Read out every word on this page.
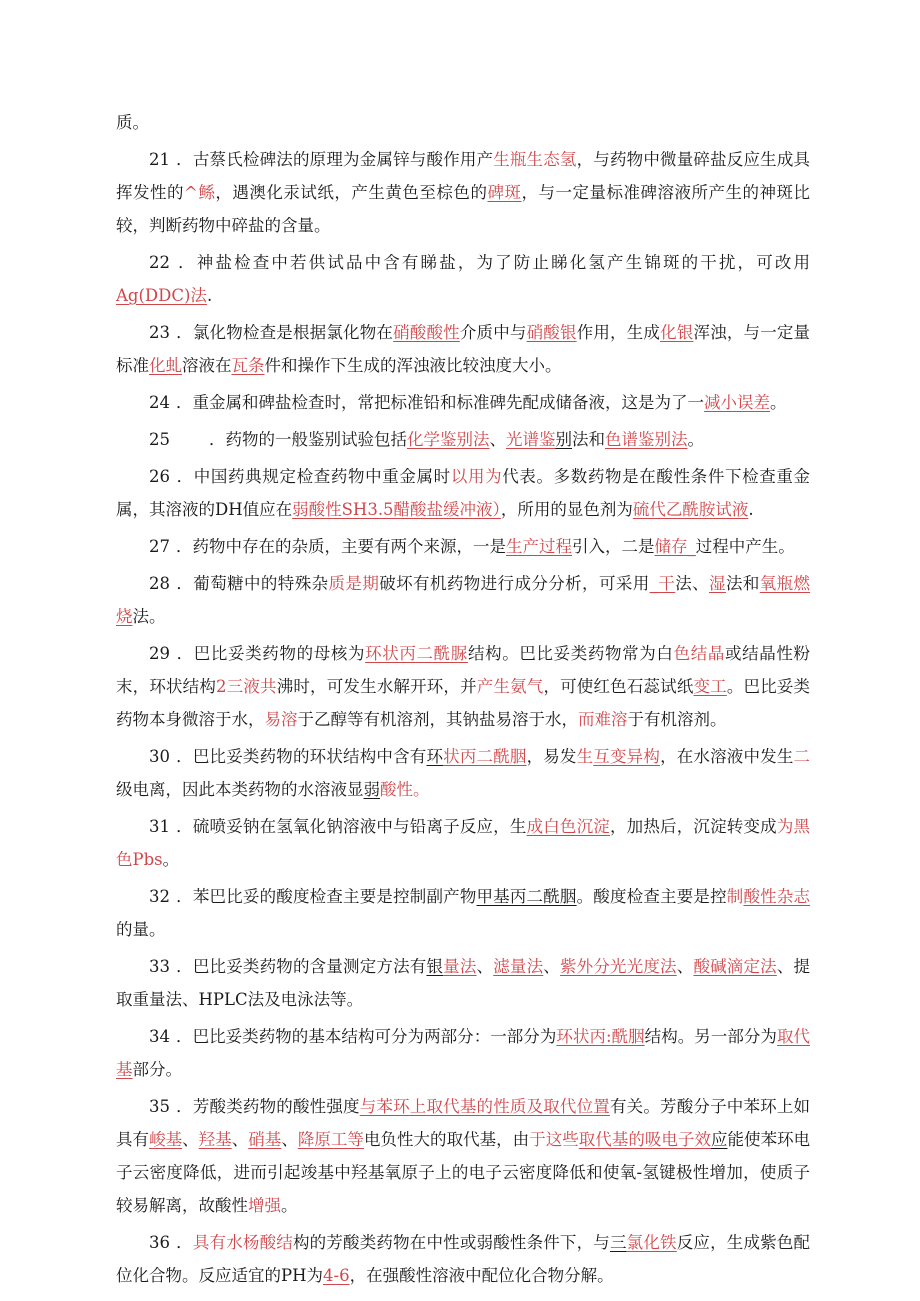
质。

21 ．古蔡氏检碑法的原理为金属锌与酸作用产生瓶生态氢，与药物中微量碎盐反应生成具挥发性的^鲧，遇澳化汞试纸，产生黄色至棕色的碑斑，与一定量标准碑溶液所产生的神斑比较，判断药物中碎盐的含量。

22 ．神盐检查中若供试品中含有睇盐，为了防止睇化氢产生锦斑的干扰，可改用Ag(DDC)法.

23 ．氯化物检查是根据氯化物在硝酸酸性介质中与硝酸银作用，生成化银浑浊，与一定量标准化虬溶液在瓦条件和操作下生成的浑浊液比较浊度大小。

24 ．重金属和碑盐检查时，常把标准铅和标准碑先配成储备液，这是为了一减小误差。

25　　．药物的一般鉴别试验包括化学鉴别法、光谱鉴别法和色谱鉴别法。

26 ．中国药典规定检查药物中重金属时以用为代表。多数药物是在酸性条件下检查重金属，其溶液的DH值应在弱酸性SH3.5醋酸盐缓冲液），所用的显色剂为硫代乙酰胺试液.

27 ．药物中存在的杂质，主要有两个来源，一是生产过程引入，二是储存_过程中产生。

28 ．葡萄糖中的特殊杂质是期破坏有机药物进行成分分析，可采用_干法、湿法和氧瓶燃烧法。

29 ．巴比妥类药物的母核为环状丙二酰脲结构。巴比妥类药物常为白色结晶或结晶性粉末，环状结构2三液共沸时，可发生水解开环，并产生氨气，可使红色石蕊试纸变工。巴比妥类药物本身微溶于水，易溶于乙醇等有机溶剂，其钠盐易溶于水，而难溶于有机溶剂。

30 ．巴比妥类药物的环状结构中含有环状丙二酰胭，易发生互变异构，在水溶液中发生二级电离，因此本类药物的水溶液显弱酸性。

31 ．硫喷妥钠在氢氧化钠溶液中与铅离子反应，生成白色沉淀，加热后，沉淀转变成为黑色Pbs。

32 ．苯巴比妥的酸度检查主要是控制副产物甲基丙二酰胭。酸度检查主要是控制酸性杂志的量。

33 ．巴比妥类药物的含量测定方法有银量法、滤量法、紫外分光光度法、酸碱滴定法、提取重量法、HPLC法及电泳法等。

34 ．巴比妥类药物的基本结构可分为两部分：一部分为环状丙:酰胭结构。另一部分为取代基部分。

35 ．芳酸类药物的酸性强度与苯环上取代基的性质及取代位置有关。芳酸分子中苯环上如具有峻基、羟基、硝基、降原工等电负性大的取代基，由于这些取代基的吸电子效应能使苯环电子云密度降低，进而引起竣基中羟基氧原子上的电子云密度降低和使氧-氢键极性增加，使质子较易解离，故酸性增强。

36 ．具有水杨酸结构的芳酸类药物在中性或弱酸性条件下，与三氯化铁反应，生成紫色配位化合物。反应适宜的PH为4-6，在强酸性溶液中配位化合物分解。
